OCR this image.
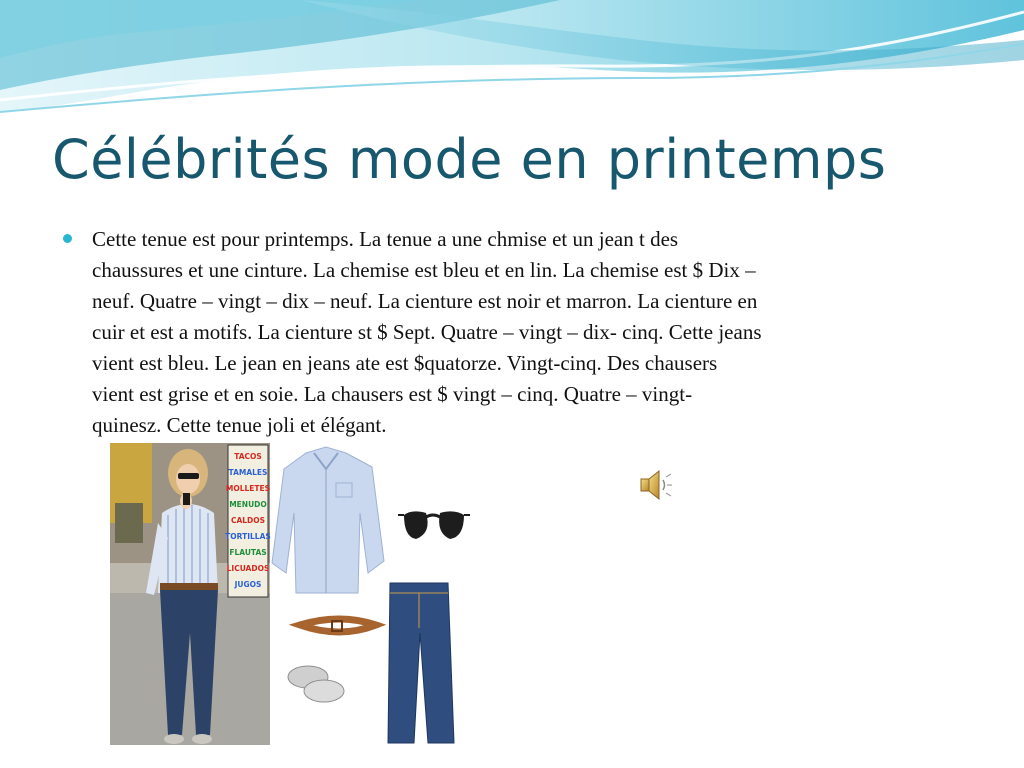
Célébrités mode en printemps
Cette tenue est pour printemps. La tenue a une chmise et un jean t des
chaussures et une cinture. La chemise est bleu et en lin. La chemise est $ Dix –
neuf. Quatre – vingt – dix – neuf. La cienture est noir et marron. La cienture en
cuir et est a motifs. La cienture st $ Sept. Quatre – vingt – dix- cinq. Cette jeans
vient est bleu. Le jean en jeans ate est $quatorze. Vingt-cinq. Des chausers
vient est grise et en soie. La chausers est $ vingt – cinq. Quatre – vingt-
quinesz. Cette tenue joli et élégant.
TACOS
TAMALES
MOLLETES
MENUDO
CALDOS
TORTILLAS
FLAUTAS
LICUADOS
JUGOS
